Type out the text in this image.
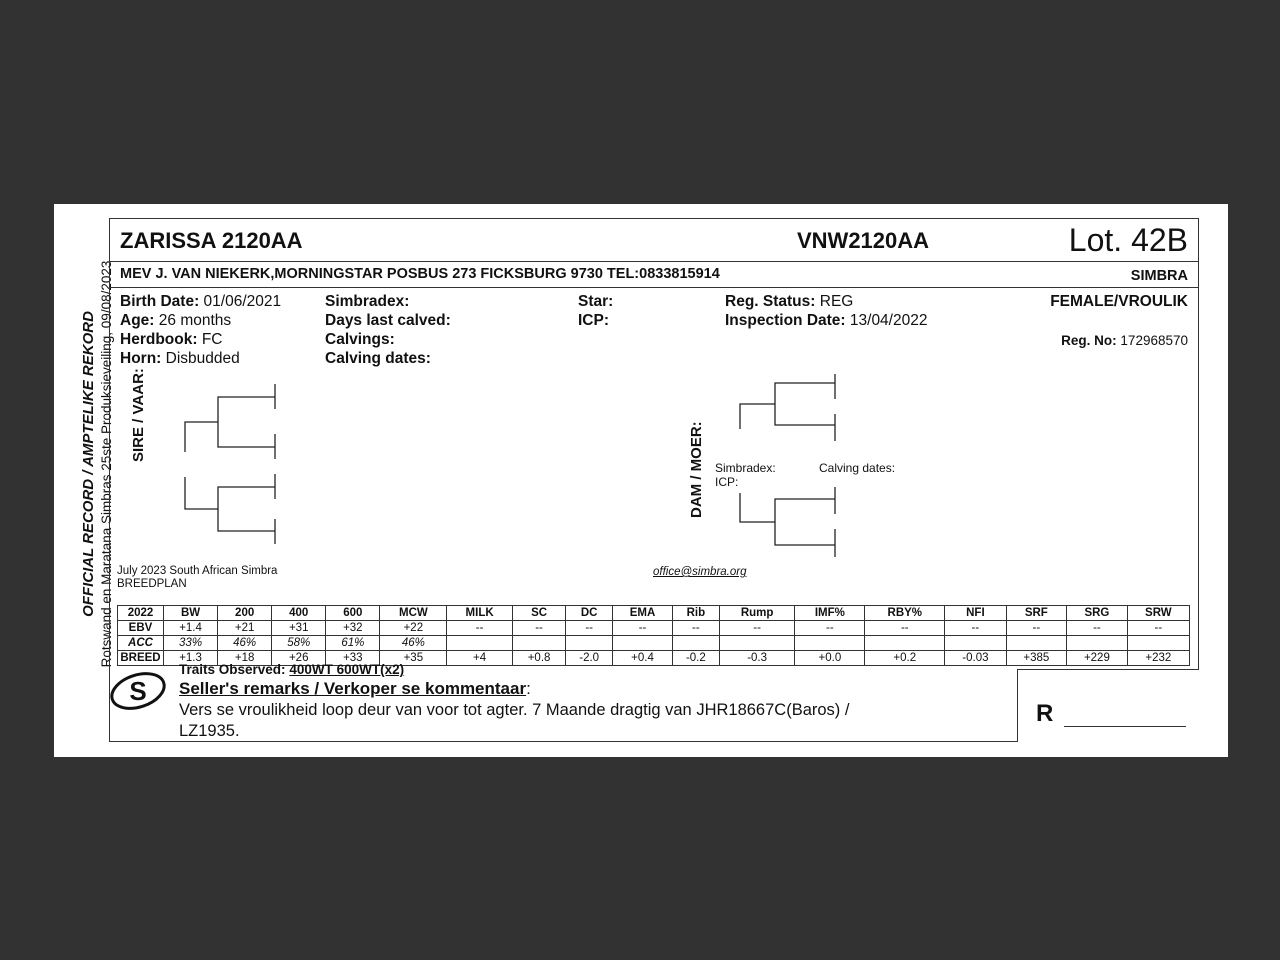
OFFICIAL RECORD / AMPTELIKE REKORD Rotswand en Maratana Simbras 25ste Produksieveiling, 09/08/2023
ZARISSA 2120AA	VNW2120AA	Lot. 42B
MEV J. VAN NIEKERK,MORNINGSTAR POSBUS 273 FICKSBURG 9730 TEL:0833815914	SIMBRA
Birth Date: 01/06/2021
Age: 26 months
Herdbook: FC
Horn: Disbudded
Simbradex:
Days last calved:
Calvings:
Calving dates:
Star:
ICP:
Reg. Status: REG
Inspection Date: 13/04/2022
FEMALE/VROULIK
Reg. No: 172968570
SIRE / VAAR:
DAM / MOER: Simbradex:
ICP:
Calving dates:
July 2023 South African Simbra
BREEDPLAN
office@simbra.org
2022	BW	200	400	600	MCW	MILK	SC	DC	EMA	Rib	Rump	IMF%	RBY%	NFI	SRF	SRG	SRW
EBV	+1.4	+21	+31	+32	+22	--	--	--	--	--	--	--	--	--	--	--	--
ACC	33%	46%	58%	61%	46%												
BREED	+1.3	+18	+26	+33	+35	+4	+0.8	-2.0	+0.4	-0.2	-0.3	+0.0	+0.2	-0.03	+385	+229	+232
S
Traits Observed: 400WT 600WT(x2)
Seller's remarks / Verkoper se kommentaar:
Vers se vroulikheid loop deur van voor tot agter. 7 Maande dragtig van JHR18667C(Baros) /
LZ1935.
R
